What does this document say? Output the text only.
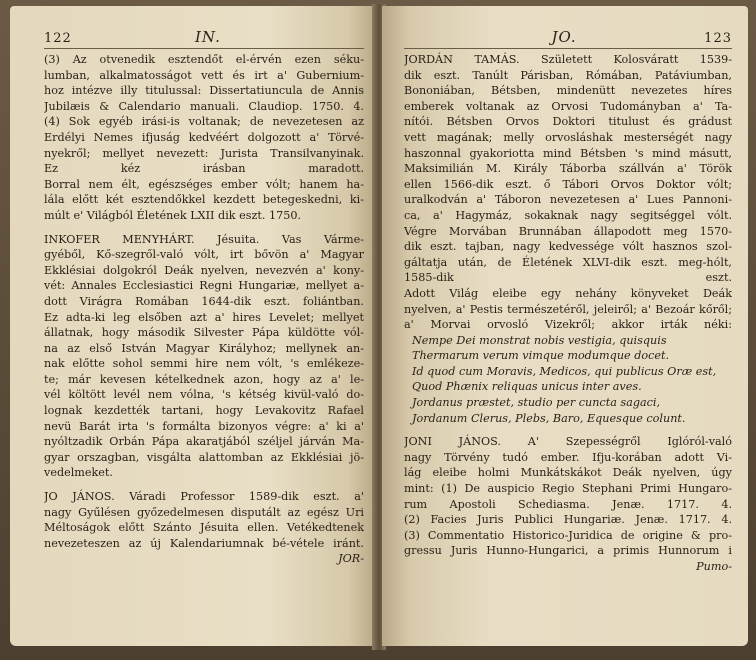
122	IN.
(3) Az otvenedik esztendőt el-érvén ezen séku-
lumban, alkalmatosságot vett és irt a' Gubernium-
hoz intézve illy titulussal: Dissertatiuncula de Annis
Jubilæis & Calendario manuali. Claudiop. 1750. 4.
(4) Sok egyéb irási-is voltanak; de nevezetesen az
Erdélyi Nemes ifjuság kedvéért dolgozott a' Törvé-
nyekről; mellyet nevezett: Jurista Transilvanyinak.
Ez kéz irásban maradott.
Borral nem élt, egészséges ember vólt; hanem ha-
lála előtt két esztendőkkel kezdett betegeskedni, ki-
múlt e' Világból Életének LXII dik eszt. 1750.
INKOFER MENYHÁRT. Jésuita. Vas Várme-
gyéből, Kő-szegről-való vólt, irt bővön a' Magyar
Ekklésiai dolgokról Deák nyelven, nevezvén a' kony-
vét: Annales Ecclesiastici Regni Hungariæ, mellyet a-
dott Virágra Romában 1644-dik eszt. foliántban.
Ez adta-ki leg elsőben azt a' hires Levelet; mellyet
állatnak, hogy második Silvester Pápa küldötte vól-
na az első István Magyar Királyhoz; mellynek an-
nak előtte sohol semmi hire nem vólt, 's emlékeze-
te; már kevesen kételkednek azon, hogy az a' le-
vél költött levél nem vólna, 's kétség kivül-való do-
lognak kezdették tartani, hogy Levakovitz Rafael
nevü Barát irta 's formálta bizonyos végre: a' ki a'
nyóltzadik Orbán Pápa akaratjából széljel járván Ma-
gyar orszagban, visgálta alattomban az Ekklésiai jö-
vedelmeket.
JO JÁNOS. Váradi Professor 1589-dik eszt. a'
nagy Gyűlésen győzedelmesen disputált az egész Uri
Méltoságok előtt Szánto Jésuita ellen. Vetékedtenek
nevezeteszen az új Kalendariumnak bé-vétele iránt.
JOR-
JO.	123
JORDÁN TAMÁS. Született Kolosváratt 1539-
dik eszt. Tanúlt Párisban, Rómában, Patáviumban,
Bononiában, Bétsben, mindenütt nevezetes híres
emberek voltanak az Orvosi Tudományban a' Ta-
nítói. Bétsben Orvos Doktori titulust és grádust
vett magának; melly orvosláshak mesterségét nagy
haszonnal gyakoriotta mind Bétsben 's mind másutt,
Maksimilián M. Király Táborba szállván a' Török
ellen 1566-dik eszt. ő Tábori Orvos Doktor vólt;
uralkodván a' Táboron nevezetesen a' Lues Pannoni-
ca, a' Hagymáz, sokaknak nagy segitséggel vólt.
Végre Morvában Brunnában állapodott meg 1570-
dik eszt. tajban, nagy kedvessége vólt hasznos szol-
gáltatja után, de Életének XLVI-dik eszt. meg-hólt,
1585-dik eszt.
Adott Világ eleibe egy nehány könyveket Deák
nyelven, a' Pestis természetéről, jeleiről; a' Bezoár kőről;
a' Morvai orvosló Vizekről; akkor irták néki:
Nempe Dei monstrat nobis vestigia, quisquis
Thermarum verum vimque modumque docet.
Id quod cum Moravis, Medicos, qui publicus Oræ est,
Quod Phænix reliquas unicus inter aves.
Jordanus præstet, studio per cuncta sagaci,
Jordanum Clerus, Plebs, Baro, Equesque colunt.
JONI JÁNOS. A' Szepességről Iglóról-való
nagy Törvény tudó ember. Ifju-korában adott Vi-
lág eleibe holmi Munkátskákot Deák nyelven, úgy
mint: (1) De auspicio Regio Stephani Primi Hungaro-
rum Apostoli Schediasma. Jenæ. 1717. 4.
(2) Facies Juris Publici Hungariæ. Jenæ. 1717. 4.
(3) Commentatio Historico-Juridica de origine & pro-
gressu Juris Hunno-Hungarici, a primis Hunnorum i
Pumo-
